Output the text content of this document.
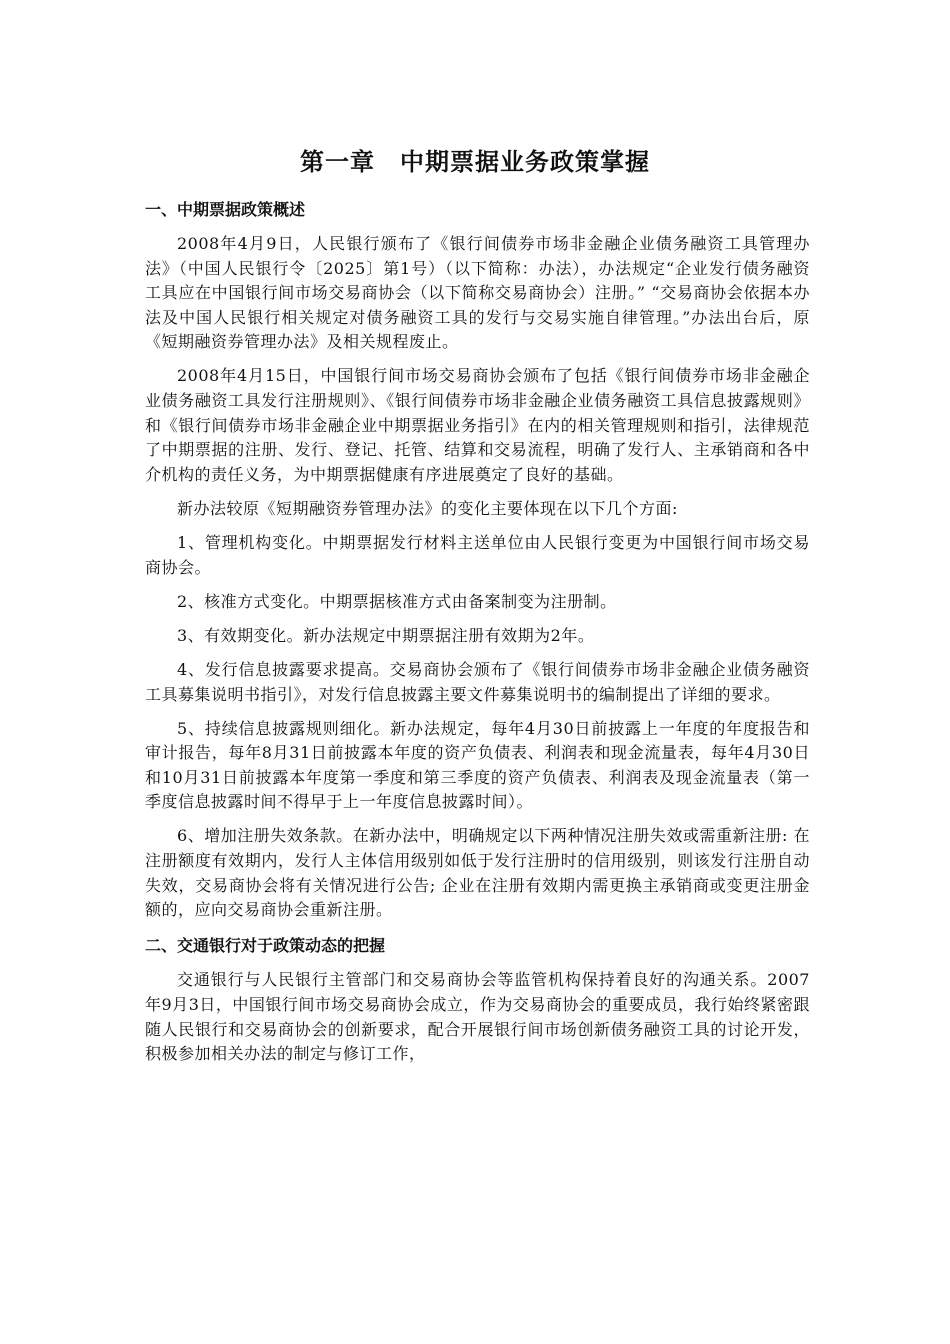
第一章　中期票据业务政策掌握
一、中期票据政策概述

2008年4月9日，人民银行颁布了《银行间债券市场非金融企业债务融资工具管理办法》（中国人民银行令〔2025〕第1号）（以下简称：办法），办法规定“企业发行债务融资工具应在中国银行间市场交易商协会（以下简称交易商协会）注册。” “交易商协会依据本办法及中国人民银行相关规定对债务融资工具的发行与交易实施自律管理。”办法出台后，原《短期融资券管理办法》及相关规程废止。

2008年4月15日，中国银行间市场交易商协会颁布了包括《银行间债券市场非金融企业债务融资工具发行注册规则》、《银行间债券市场非金融企业债务融资工具信息披露规则》和《银行间债券市场非金融企业中期票据业务指引》在内的相关管理规则和指引，法律规范了中期票据的注册、发行、登记、托管、结算和交易流程，明确了发行人、主承销商和各中介机构的责任义务，为中期票据健康有序进展奠定了良好的基础。

新办法较原《短期融资券管理办法》的变化主要体现在以下几个方面:

1、管理机构变化。中期票据发行材料主送单位由人民银行变更为中国银行间市场交易商协会。

2、核准方式变化。中期票据核准方式由备案制变为注册制。

3、有效期变化。新办法规定中期票据注册有效期为2年。

4、发行信息披露要求提高。交易商协会颁布了《银行间债券市场非金融企业债务融资工具募集说明书指引》，对发行信息披露主要文件募集说明书的编制提出了详细的要求。

5、持续信息披露规则细化。新办法规定，每年4月30日前披露上一年度的年度报告和审计报告，每年8月31日前披露本年度的资产负债表、利润表和现金流量表，每年4月30日和10月31日前披露本年度第一季度和第三季度的资产负债表、利润表及现金流量表（第一季度信息披露时间不得早于上一年度信息披露时间）。

6、增加注册失效条款。在新办法中，明确规定以下两种情况注册失效或需重新注册: 在注册额度有效期内，发行人主体信用级别如低于发行注册时的信用级别，则该发行注册自动失效，交易商协会将有关情况进行公告; 企业在注册有效期内需更换主承销商或变更注册金额的，应向交易商协会重新注册。

二、交通银行对于政策动态的把握

交通银行与人民银行主管部门和交易商协会等监管机构保持着良好的沟通关系。2007年9月3日，中国银行间市场交易商协会成立，作为交易商协会的重要成员，我行始终紧密跟随人民银行和交易商协会的创新要求，配合开展银行间市场创新债务融资工具的讨论开发，积极参加相关办法的制定与修订工作，
